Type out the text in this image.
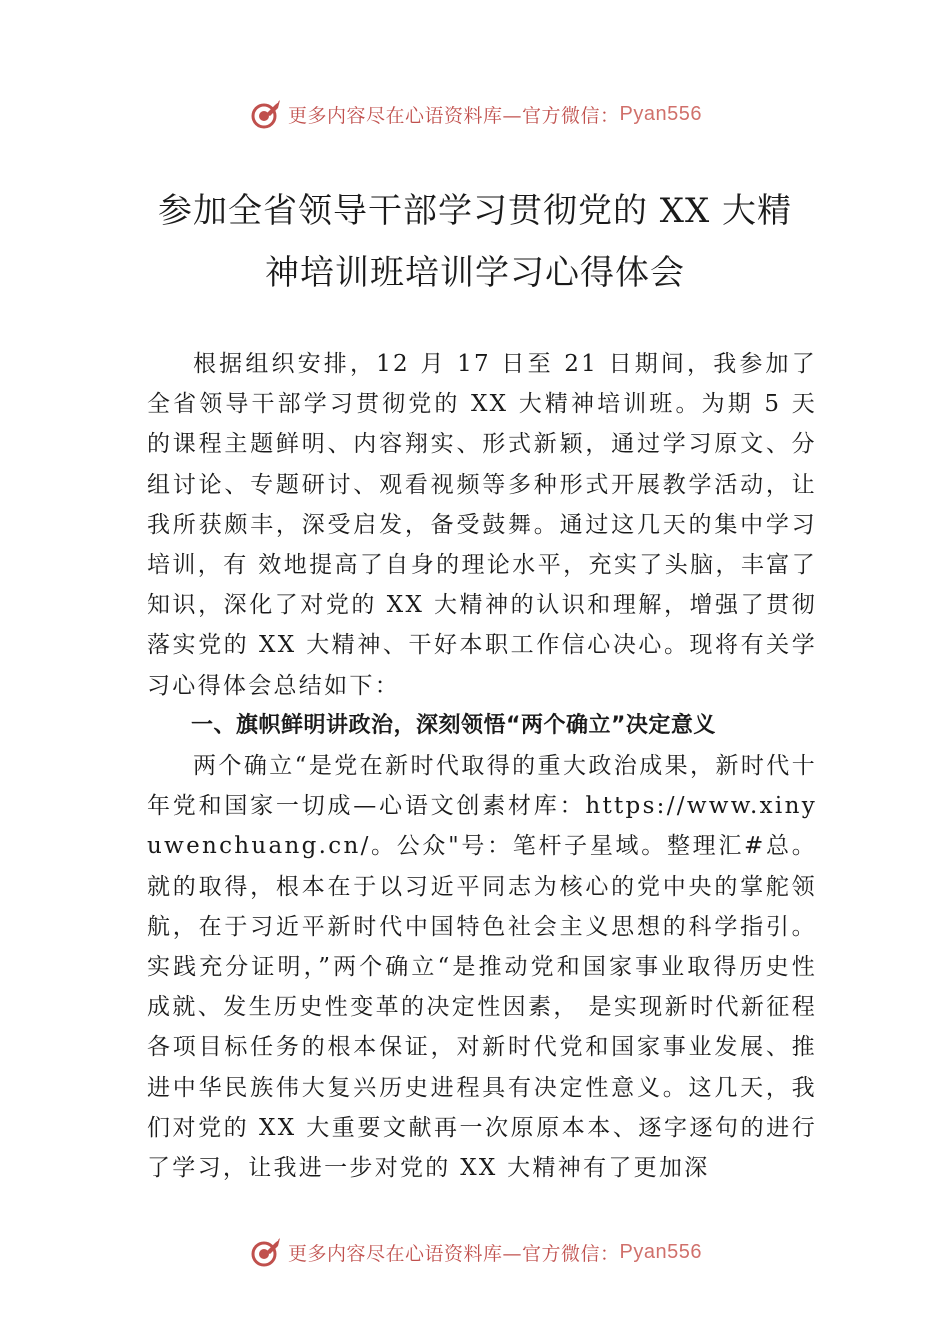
更多内容尽在心语资料库—官方微信： Pyan556
参加全省领导干部学习贯彻党的 XX 大精
神培训班培训学习心得体会

根据组织安排，12 月 17 日至 21 日期间，我参加了全省领导干部学习贯彻党的 XX 大精神培训班。为期 5 天的课程主题鲜明、内容翔实、形式新颖，通过学习原文、分组讨论、专题研讨、观看视频等多种形式开展教学活动，让我所获颇丰，深受启发，备受鼓舞。通过这几天的集中学习培训，有 效地提高了自身的理论水平，充实了头脑，丰富了知识，深化了对党的 XX 大精神的认识和理解，增强了贯彻落实党的 XX 大精神、干好本职工作信心决心。现将有关学习心得体会总结如下：

一、旗帜鲜明讲政治，深刻领悟“两个确立”决定意义

两个确立“是党在新时代取得的重大政治成果，新时代十年党和国家一切成—心语文创素材库：https://www.xinyuwenchuang.cn/。公众"号：笔杆子星域。整理汇#总。就的取得，根本在于以习近平同志为核心的党中央的掌舵领航，在于习近平新时代中国特色社会主义思想的科学指引。实践充分证明，”两个确立“是推动党和国家事业取得历史性成就、发生历史性变革的决定性因素， 是实现新时代新征程各项目标任务的根本保证，对新时代党和国家事业发展、推进中华民族伟大复兴历史进程具有决定性意义。这几天，我们对党的 XX 大重要文献再一次原原本本、逐字逐句的进行了学习，让我进一步对党的 XX 大精神有了更加深

更多内容尽在心语资料库—官方微信： Pyan556
